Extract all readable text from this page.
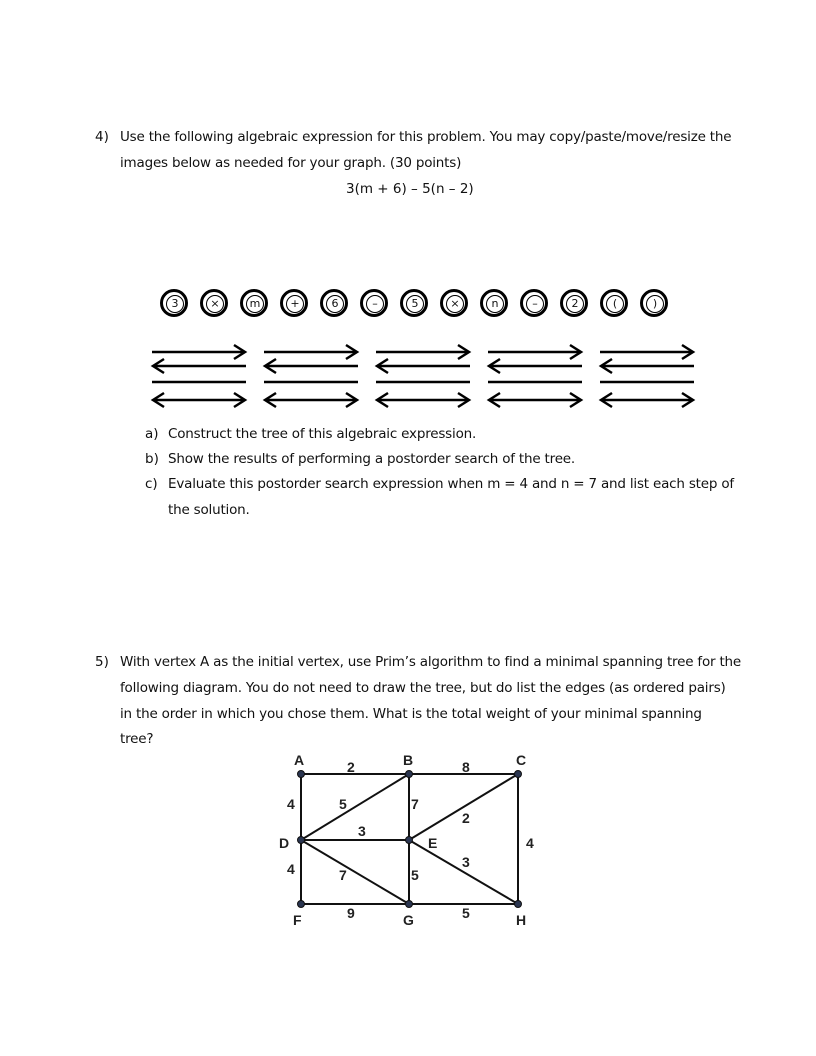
4) Use the following algebraic expression for this problem. You may copy/paste/move/resize the
images below as needed for your graph. (30 points)
3(m + 6) – 5(n – 2)
3	×	m	+	6	–	5	×	n	–	2	(	)
a) Construct the tree of this algebraic expression.
b) Show the results of performing a postorder search of the tree.
c) Evaluate this postorder search expression when m = 4 and n = 7 and list each step of
the solution.
5) With vertex A as the initial vertex, use Prim’s algorithm to find a minimal spanning tree for the
following diagram. You do not need to draw the tree, but do list the edges (as ordered pairs)
in the order in which you chose them. What is the total weight of your minimal spanning
tree?
A	B	C
D	E
F	G	H
2	8
4	5	7
3
2
4
4	7	5
3
9	5
